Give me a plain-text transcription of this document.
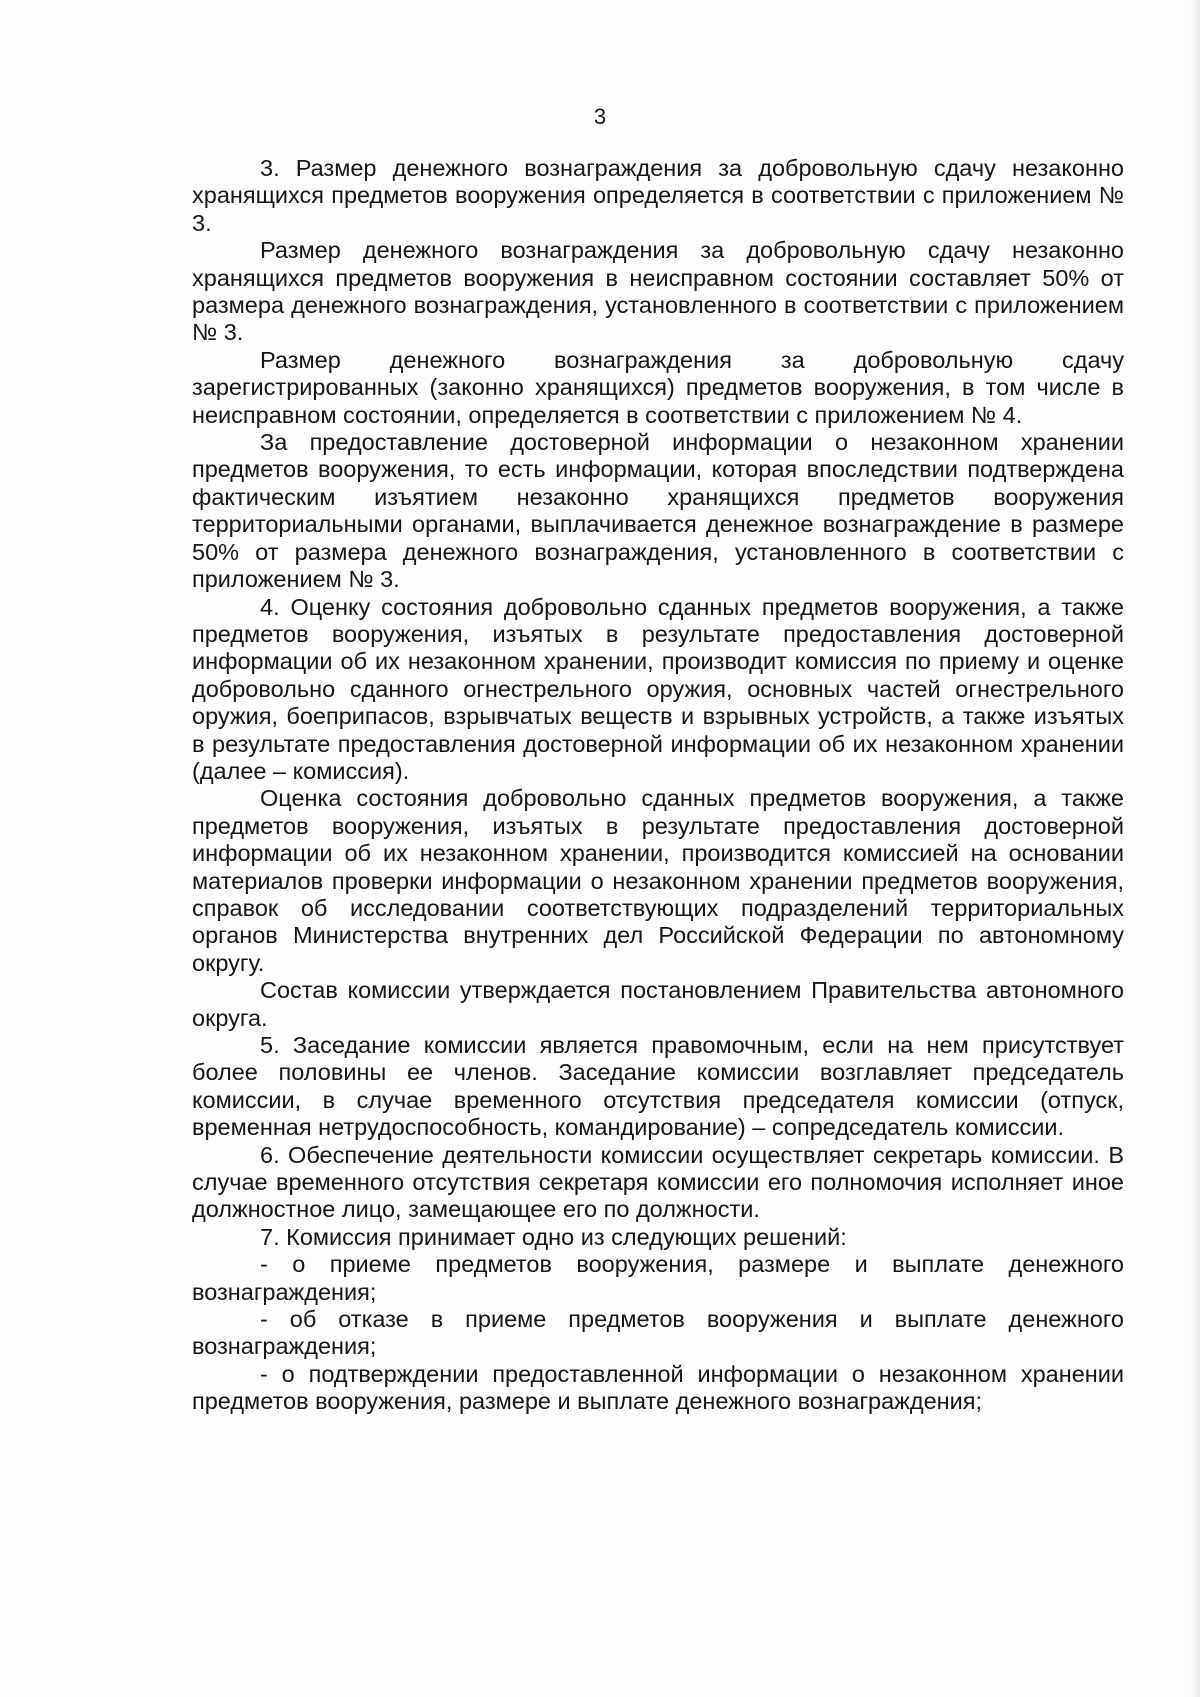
3

3. Размер денежного вознаграждения за добровольную сдачу незаконно хранящихся предметов вооружения определяется в соответствии с приложением № 3.

Размер денежного вознаграждения за добровольную сдачу незаконно хранящихся предметов вооружения в неисправном состоянии составляет 50% от размера денежного вознаграждения, установленного в соответствии с приложением № 3.

Размер денежного вознаграждения за добровольную сдачу зарегистрированных (законно хранящихся) предметов вооружения, в том числе в неисправном состоянии, определяется в соответствии с приложением № 4.

За предоставление достоверной информации о незаконном хранении предметов вооружения, то есть информации, которая впоследствии подтверждена фактическим изъятием незаконно хранящихся предметов вооружения территориальными органами, выплачивается денежное вознаграждение в размере 50% от размера денежного вознаграждения, установленного в соответствии с приложением № 3.

4. Оценку состояния добровольно сданных предметов вооружения, а также предметов вооружения, изъятых в результате предоставления достоверной информации об их незаконном хранении, производит комиссия по приему и оценке добровольно сданного огнестрельного оружия, основных частей огнестрельного оружия, боеприпасов, взрывчатых веществ и взрывных устройств, а также изъятых в результате предоставления достоверной информации об их незаконном хранении (далее – комиссия).

Оценка состояния добровольно сданных предметов вооружения, а также предметов вооружения, изъятых в результате предоставления достоверной информации об их незаконном хранении, производится комиссией на основании материалов проверки информации о незаконном хранении предметов вооружения, справок об исследовании соответствующих подразделений территориальных органов Министерства внутренних дел Российской Федерации по автономному округу.

Состав комиссии утверждается постановлением Правительства автономного округа.

5. Заседание комиссии является правомочным, если на нем присутствует более половины ее членов. Заседание комиссии возглавляет председатель комиссии, в случае временного отсутствия председателя комиссии (отпуск, временная нетрудоспособность, командирование) – сопредседатель комиссии.

6. Обеспечение деятельности комиссии осуществляет секретарь комиссии. В случае временного отсутствия секретаря комиссии его полномочия исполняет иное должностное лицо, замещающее его по должности.

7. Комиссия принимает одно из следующих решений:

- о приеме предметов вооружения, размере и выплате денежного вознаграждения;

- об отказе в приеме предметов вооружения и выплате денежного вознаграждения;

- о подтверждении предоставленной информации о незаконном хранении предметов вооружения, размере и выплате денежного вознаграждения;
